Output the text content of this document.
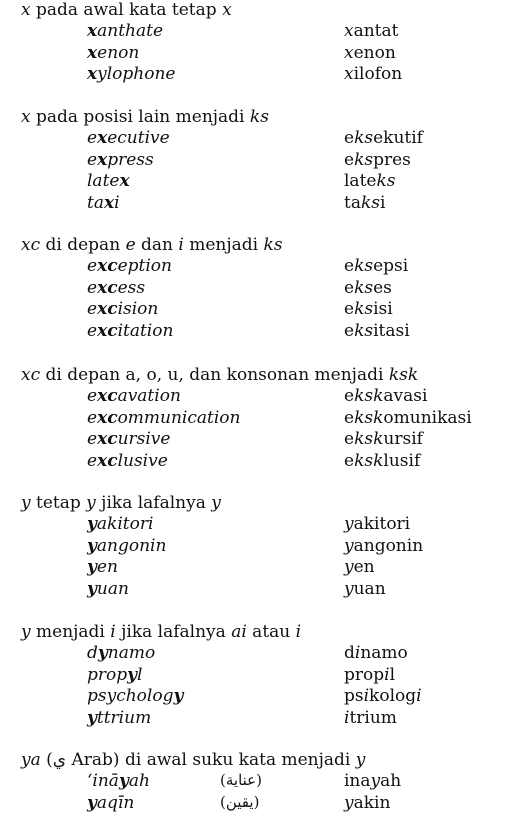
x pada awal kata tetap x
xanthate	xantat
xenon	xenon
xylophone	xilofon
x pada posisi lain menjadi ks
executive	eksekutif
express	ekspres
latex	lateks
taxi	taksi
xc di depan e dan i menjadi ks
exception	eksepsi
excess	ekses
excision	eksisi
excitation	eksitasi
xc di depan a, o, u, dan konsonan menjadi ksk
excavation	ekskavasi
excommunication	ekskomunikasi
excursive	ekskursif
exclusive	eksklusif
y tetap y jika lafalnya y
yakitori	yakitori
yangonin	yangonin
yen	yen
yuan	yuan
y menjadi i jika lafalnya ai atau i
dynamo	dinamo
propyl	propil
psychology	psikologi
yttrium	itrium
ya (ي Arab) di awal suku kata menjadi y
ʻināyah	(عناية)	inayah
yaqīn	(يقين)	yakin
